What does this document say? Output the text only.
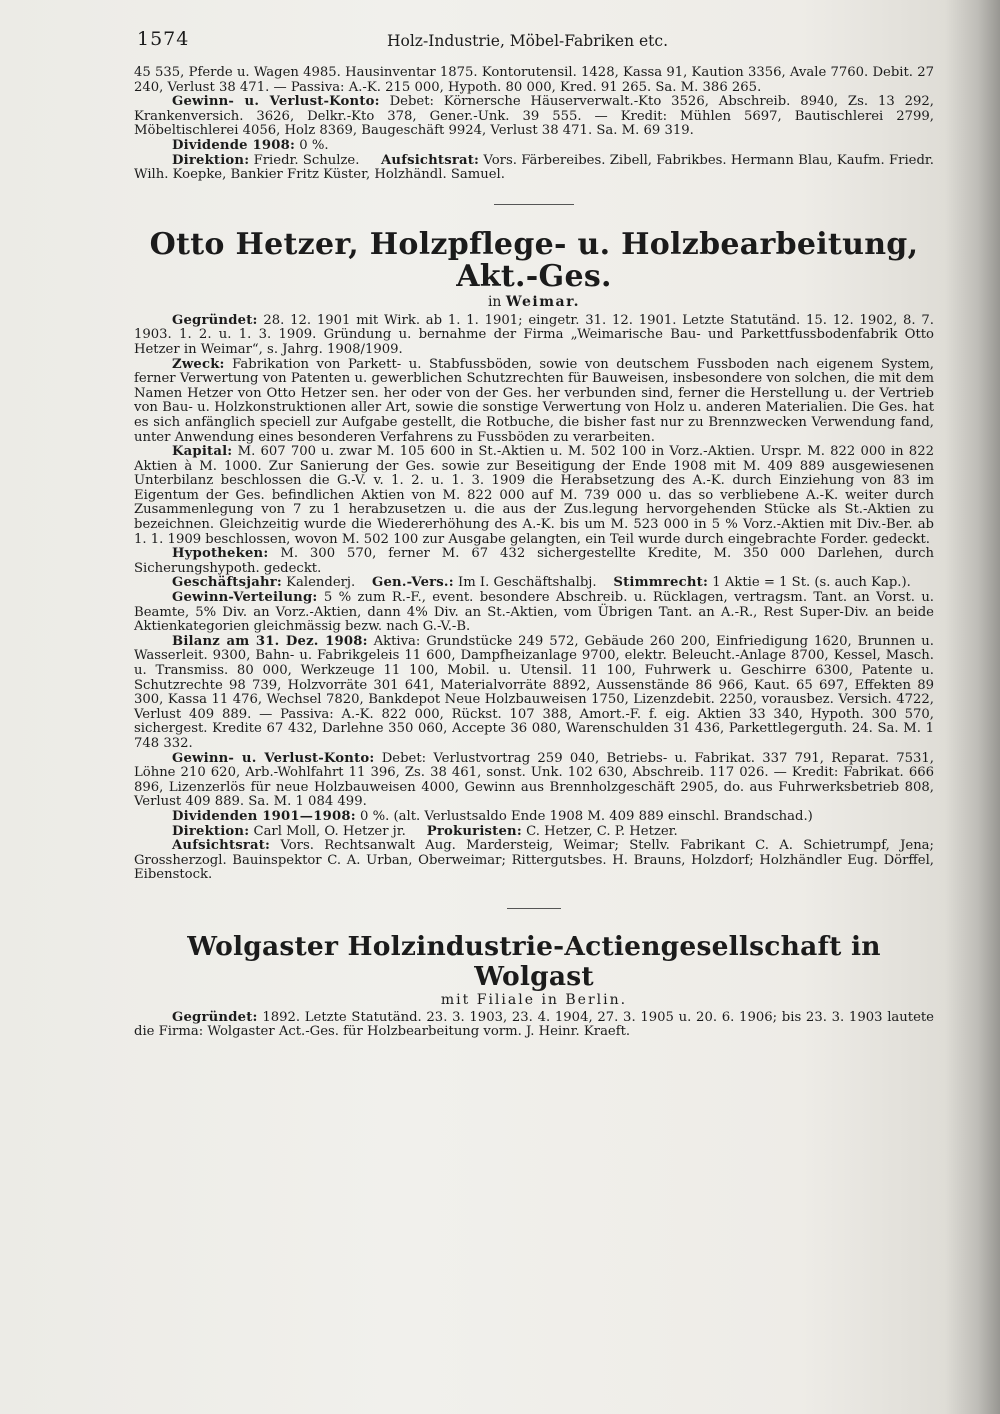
1574	Holz-Industrie, Möbel-Fabriken etc.

45 535, Pferde u. Wagen 4985. Hausinventar 1875. Kontorutensil. 1428, Kassa 91, Kaution 3356, Avale 7760. Debit. 27 240, Verlust 38 471. — Passiva: A.-K. 215 000, Hypoth. 80 000, Kred. 91 265. Sa. M. 386 265.

Gewinn- u. Verlust-Konto: Debet: Körnersche Häuserverwalt.-Kto 3526, Abschreib. 8940, Zs. 13 292, Krankenversich. 3626, Delkr.-Kto 378, Gener.-Unk. 39 555. — Kredit: Mühlen 5697, Bautischlerei 2799, Möbeltischlerei 4056, Holz 8369, Baugeschäft 9924, Verlust 38 471. Sa. M. 69 319.

Dividende 1908: 0 %.

Direktion: Friedr. Schulze. Aufsichtsrat: Vors. Färbereibes. Zibell, Fabrikbes. Hermann Blau, Kaufm. Friedr. Wilh. Koepke, Bankier Fritz Küster, Holzhändl. Samuel.

Otto Hetzer, Holzpflege- u. Holzbearbeitung, Akt.-Ges.
in Weimar.

Gegründet: 28. 12. 1901 mit Wirk. ab 1. 1. 1901; eingetr. 31. 12. 1901. Letzte Statutänd. 15. 12. 1902, 8. 7. 1903. 1. 2. u. 1. 3. 1909. Gründung u. bernahme der Firma „Weimarische Bau- und Parkettfussbodenfabrik Otto Hetzer in Weimar“, s. Jahrg. 1908/1909.

Zweck: Fabrikation von Parkett- u. Stabfussböden, sowie von deutschem Fussboden nach eigenem System, ferner Verwertung von Patenten u. gewerblichen Schutzrechten für Bauweisen, insbesondere von solchen, die mit dem Namen Hetzer von Otto Hetzer sen. her oder von der Ges. her verbunden sind, ferner die Herstellung u. der Vertrieb von Bau- u. Holzkonstruktionen aller Art, sowie die sonstige Verwertung von Holz u. anderen Materialien. Die Ges. hat es sich anfänglich speciell zur Aufgabe gestellt, die Rotbuche, die bisher fast nur zu Brennzwecken Verwendung fand, unter Anwendung eines besonderen Verfahrens zu Fussböden zu verarbeiten.

Kapital: M. 607 700 u. zwar M. 105 600 in St.-Aktien u. M. 502 100 in Vorz.-Aktien. Urspr. M. 822 000 in 822 Aktien à M. 1000. Zur Sanierung der Ges. sowie zur Beseitigung der Ende 1908 mit M. 409 889 ausgewiesenen Unterbilanz beschlossen die G.-V. v. 1. 2. u. 1. 3. 1909 die Herabsetzung des A.-K. durch Einziehung von 83 im Eigentum der Ges. befindlichen Aktien von M. 822 000 auf M. 739 000 u. das so verbliebene A.-K. weiter durch Zusammenlegung von 7 zu 1 herabzusetzen u. die aus der Zus.legung hervorgehenden Stücke als St.-Aktien zu bezeichnen. Gleichzeitig wurde die Wiedererhöhung des A.-K. bis um M. 523 000 in 5 % Vorz.-Aktien mit Div.-Ber. ab 1. 1. 1909 beschlossen, wovon M. 502 100 zur Ausgabe gelangten, ein Teil wurde durch eingebrachte Forder. gedeckt.

Hypotheken: M. 300 570, ferner M. 67 432 sichergestellte Kredite, M. 350 000 Darlehen, durch Sicherungshypoth. gedeckt.

Geschäftsjahr: Kalenderj. Gen.-Vers.: Im I. Geschäftshalbj. Stimmrecht: 1 Aktie = 1 St. (s. auch Kap.).

Gewinn-Verteilung: 5 % zum R.-F., event. besondere Abschreib. u. Rücklagen, vertragsm. Tant. an Vorst. u. Beamte, 5% Div. an Vorz.-Aktien, dann 4% Div. an St.-Aktien, vom Übrigen Tant. an A.-R., Rest Super-Div. an beide Aktienkategorien gleichmässig bezw. nach G.-V.-B.

Bilanz am 31. Dez. 1908: Aktiva: Grundstücke 249 572, Gebäude 260 200, Einfriedigung 1620, Brunnen u. Wasserleit. 9300, Bahn- u. Fabrikgeleis 11 600, Dampfheizanlage 9700, elektr. Beleucht.-Anlage 8700, Kessel, Masch. u. Transmiss. 80 000, Werkzeuge 11 100, Mobil. u. Utensil. 11 100, Fuhrwerk u. Geschirre 6300, Patente u. Schutzrechte 98 739, Holzvorräte 301 641, Materialvorräte 8892, Aussenstände 86 966, Kaut. 65 697, Effekten 89 300, Kassa 11 476, Wechsel 7820, Bankdepot Neue Holzbauweisen 1750, Lizenzdebit. 2250, vorausbez. Versich. 4722, Verlust 409 889. — Passiva: A.-K. 822 000, Rückst. 107 388, Amort.-F. f. eig. Aktien 33 340, Hypoth. 300 570, sichergest. Kredite 67 432, Darlehne 350 060, Accepte 36 080, Warenschulden 31 436, Parkettlegerguth. 24. Sa. M. 1 748 332.

Gewinn- u. Verlust-Konto: Debet: Verlustvortrag 259 040, Betriebs- u. Fabrikat. 337 791, Reparat. 7531, Löhne 210 620, Arb.-Wohlfahrt 11 396, Zs. 38 461, sonst. Unk. 102 630, Abschreib. 117 026. — Kredit: Fabrikat. 666 896, Lizenzerlös für neue Holzbauweisen 4000, Gewinn aus Brennholzgeschäft 2905, do. aus Fuhrwerksbetrieb 808, Verlust 409 889. Sa. M. 1 084 499.

Dividenden 1901—1908: 0 %. (alt. Verlustsaldo Ende 1908 M. 409 889 einschl. Brandschad.)

Direktion: Carl Moll, O. Hetzer jr. Prokuristen: C. Hetzer, C. P. Hetzer.

Aufsichtsrat: Vors. Rechtsanwalt Aug. Mardersteig, Weimar; Stellv. Fabrikant C. A. Schietrumpf, Jena; Grossherzogl. Bauinspektor C. A. Urban, Oberweimar; Rittergutsbes. H. Brauns, Holzdorf; Holzhändler Eug. Dörffel, Eibenstock.

Wolgaster Holzindustrie-Actiengesellschaft in Wolgast
mit Filiale in Berlin.

Gegründet: 1892. Letzte Statutänd. 23. 3. 1903, 23. 4. 1904, 27. 3. 1905 u. 20. 6. 1906; bis 23. 3. 1903 lautete die Firma: Wolgaster Act.-Ges. für Holzbearbeitung vorm. J. Heinr. Kraeft.
